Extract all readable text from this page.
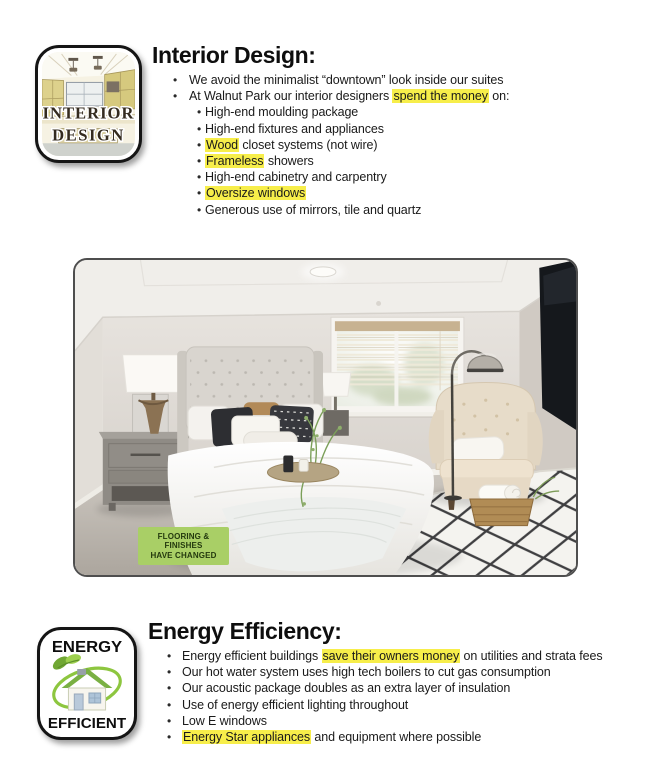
INTERIOR
DESIGN
Interior Design:
• We avoid the minimalist “downtown” look inside our suites
• At Walnut Park our interior designers spend the money on:
• High-end moulding package
• High-end fixtures and appliances
• Wood closet systems (not wire)
• Frameless showers
• High-end cabinetry and carpentry
• Oversize windows
• Generous use of mirrors, tile and quartz
FLOORING &
FINISHES
HAVE CHANGED
ENERGY
EFFICIENT
Energy Efficiency:
• Energy efficient buildings save their owners money on utilities and strata fees
• Our hot water system uses high tech boilers to cut gas consumption
• Our acoustic package doubles as an extra layer of insulation
• Use of energy efficient lighting throughout
• Low E windows
• Energy Star appliances and equipment where possible
